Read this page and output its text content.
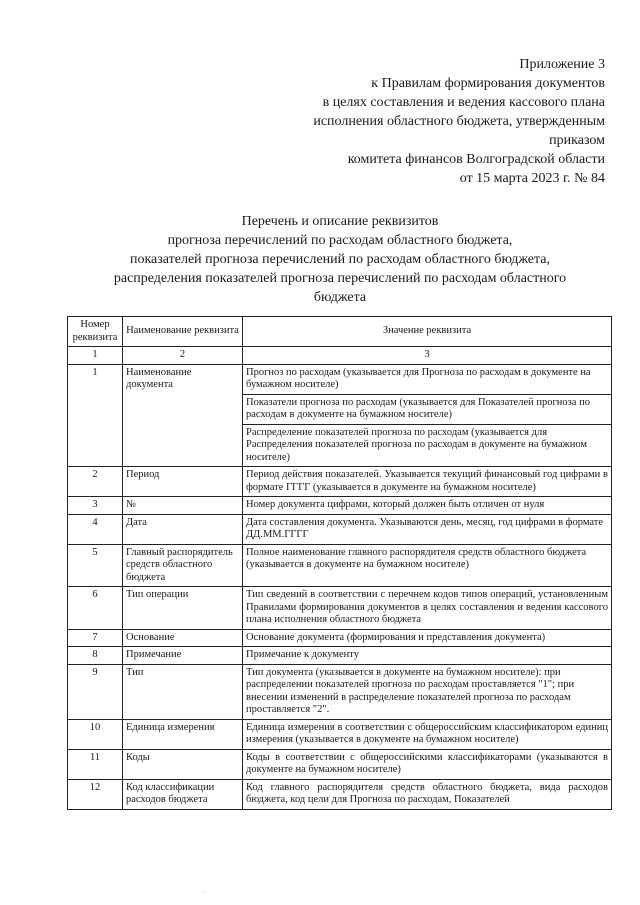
Приложение 3
к Правилам формирования документов
в целях составления и ведения кассового плана
исполнения областного бюджета, утвержденным
приказом
комитета финансов Волгоградской области
от 15 марта 2023 г. № 84
Перечень и описание реквизитов
прогноза перечислений по расходам областного бюджета,
показателей прогноза перечислений по расходам областного бюджета,
распределения показателей прогноза перечислений по расходам областного
бюджета
Номер реквизита	Наименование реквизита	Значение реквизита
1	2	3
1	Наименование документа	Прогноз по расходам (указывается для Прогноза по расходам в документе на бумажном носителе)
		Показатели прогноза по расходам (указывается для Показателей прогноза по расходам в документе на бумажном носителе)
		Распределение показателей прогноза по расходам (указывается для Распределения показателей прогноза по расходам в документе на бумажном носителе)
2	Период	Период действия показателей. Указывается текущий финансовый год цифрами в формате ГГГГ (указывается в документе на бумажном носителе)
3	№	Номер документа цифрами, который должен быть отличен от нуля
4	Дата	Дата составления документа. Указываются день, месяц, год цифрами в формате ДД.ММ.ГГГГ
5	Главный распорядитель средств областного бюджета	Полное наименование главного распорядителя средств областного бюджета (указывается в документе на бумажном носителе)
6	Тип операции	Тип сведений в соответствии с перечнем кодов типов операций, установленным Правилами формирования документов в целях составления и ведения кассового плана исполнения областного бюджета
7	Основание	Основание документа (формирования и представления документа)
8	Примечание	Примечание к документу
9	Тип	Тип документа (указывается в документе на бумажном носителе): при распределении показателей прогноза по расходам проставляется "1"; при внесении изменений в распределение показателей прогноза по расходам проставляется "2".
10	Единица измерения	Единица измерения в соответствии с общероссийским классификатором единиц измерения (указывается в документе на бумажном носителе)
11	Коды	Коды в соответствии с общероссийскими классификаторами (указываются в документе на бумажном носителе)
12	Код классификации расходов бюджета	Код главного распорядителя средств областного бюджета, вида расходов бюджета, код цели для Прогноза по расходам, Показателей
.
